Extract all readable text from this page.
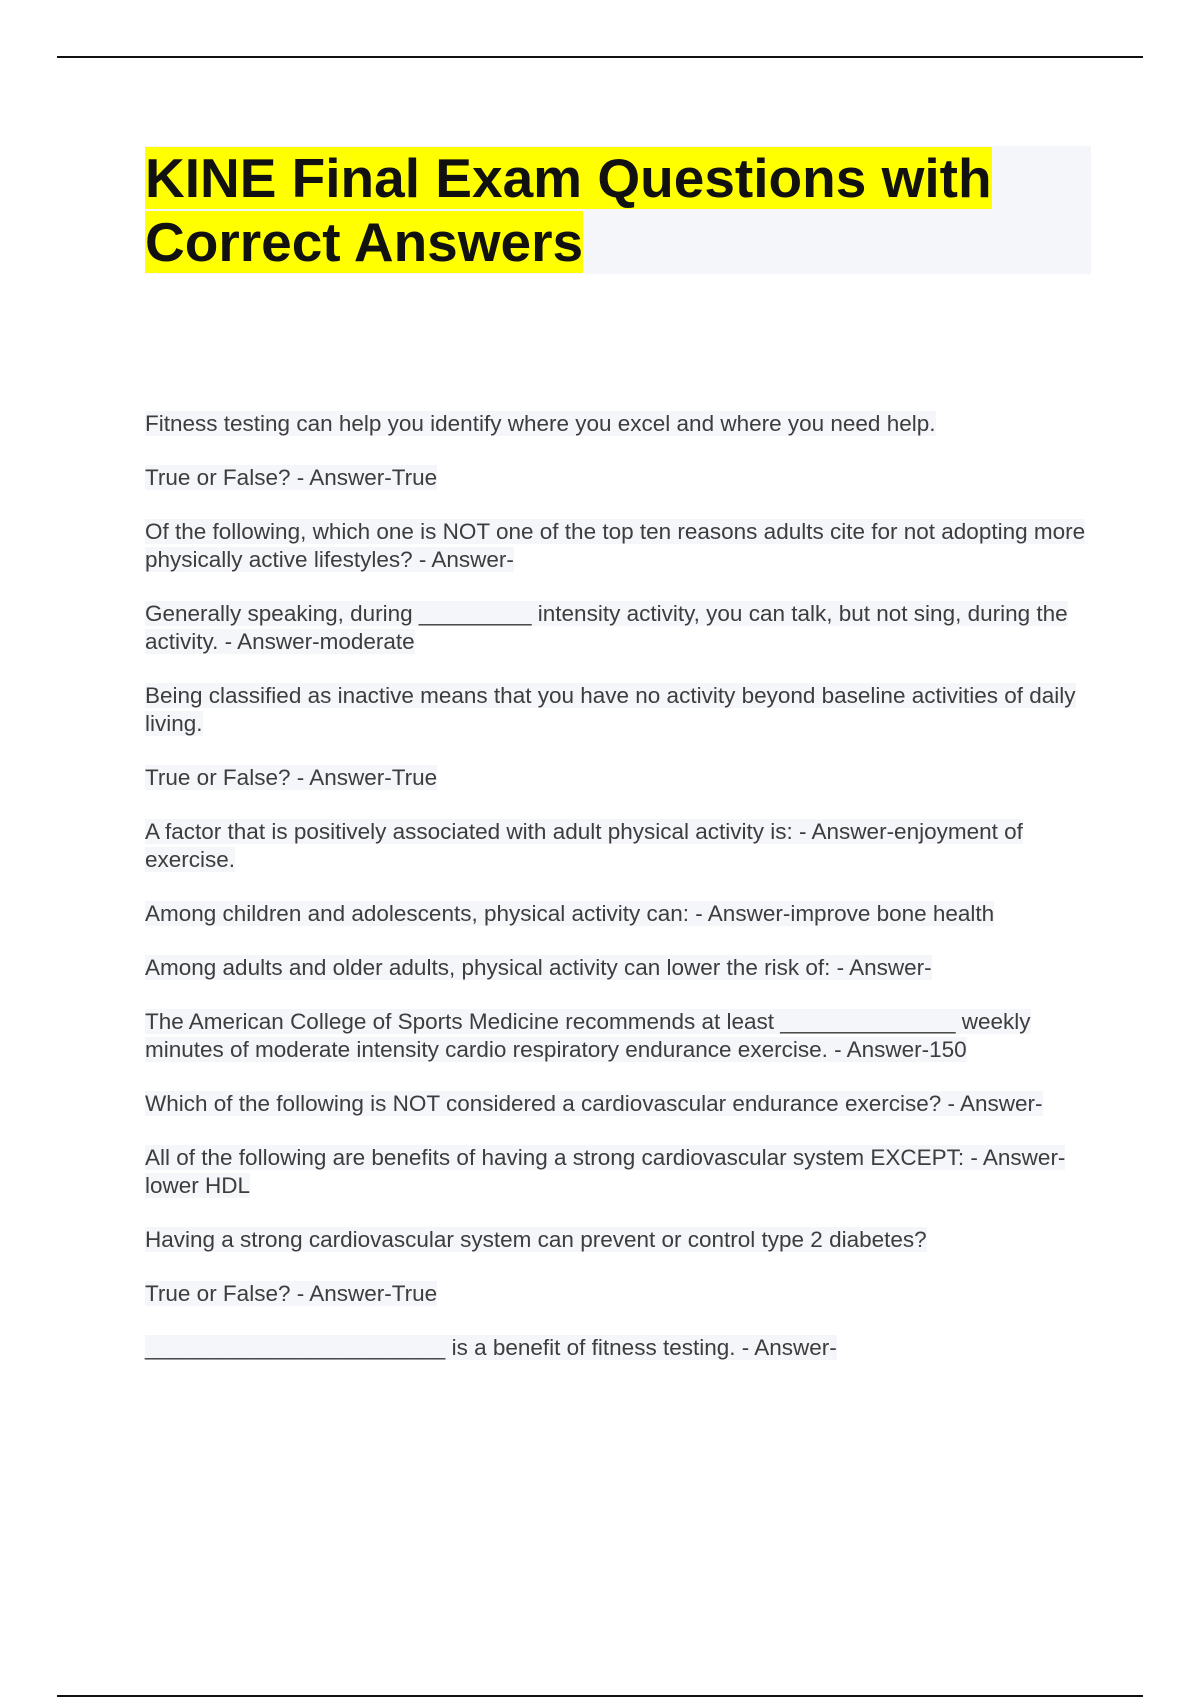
KINE Final Exam Questions with Correct Answers

Fitness testing can help you identify where you excel and where you need help.

True or False? - Answer-True

Of the following, which one is NOT one of the top ten reasons adults cite for not adopting more physically active lifestyles? - Answer-

Generally speaking, during _________ intensity activity, you can talk, but not sing, during the activity. - Answer-moderate

Being classified as inactive means that you have no activity beyond baseline activities of daily living.

True or False? - Answer-True

A factor that is positively associated with adult physical activity is: - Answer-enjoyment of exercise.

Among children and adolescents, physical activity can: - Answer-improve bone health

Among adults and older adults, physical activity can lower the risk of: - Answer-

The American College of Sports Medicine recommends at least ______________ weekly minutes of moderate intensity cardio respiratory endurance exercise. - Answer-150

Which of the following is NOT considered a cardiovascular endurance exercise? - Answer-

All of the following are benefits of having a strong cardiovascular system EXCEPT: - Answer-lower HDL

Having a strong cardiovascular system can prevent or control type 2 diabetes?

True or False? - Answer-True

________________________ is a benefit of fitness testing. - Answer-
